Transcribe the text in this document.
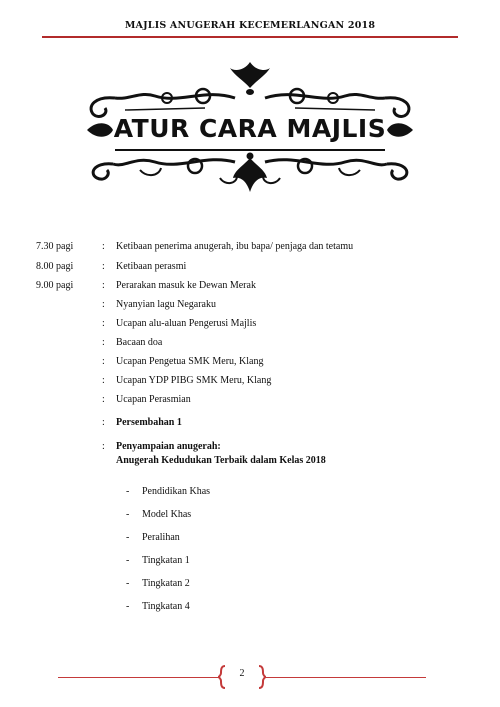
MAJLIS ANUGERAH KECEMERLANGAN 2018
ATUR CARA MAJLIS
7.30 pagi	: Ketibaan penerima anugerah, ibu bapa/ penjaga dan tetamu
8.00 pagi	: Ketibaan perasmi
9.00 pagi	: Perarakan masuk ke Dewan Merak
: Nyanyian lagu Negaraku
: Ucapan alu-aluan Pengerusi Majlis
: Bacaan doa
: Ucapan Pengetua SMK Meru, Klang
: Ucapan YDP PIBG SMK Meru, Klang
: Ucapan Perasmian
: Persembahan 1
: Penyampaian anugerah:
Anugerah Kedudukan Terbaik dalam Kelas 2018
- Pendidikan Khas
- Model Khas
- Peralihan
- Tingkatan 1
- Tingkatan 2
- Tingkatan 4
2
